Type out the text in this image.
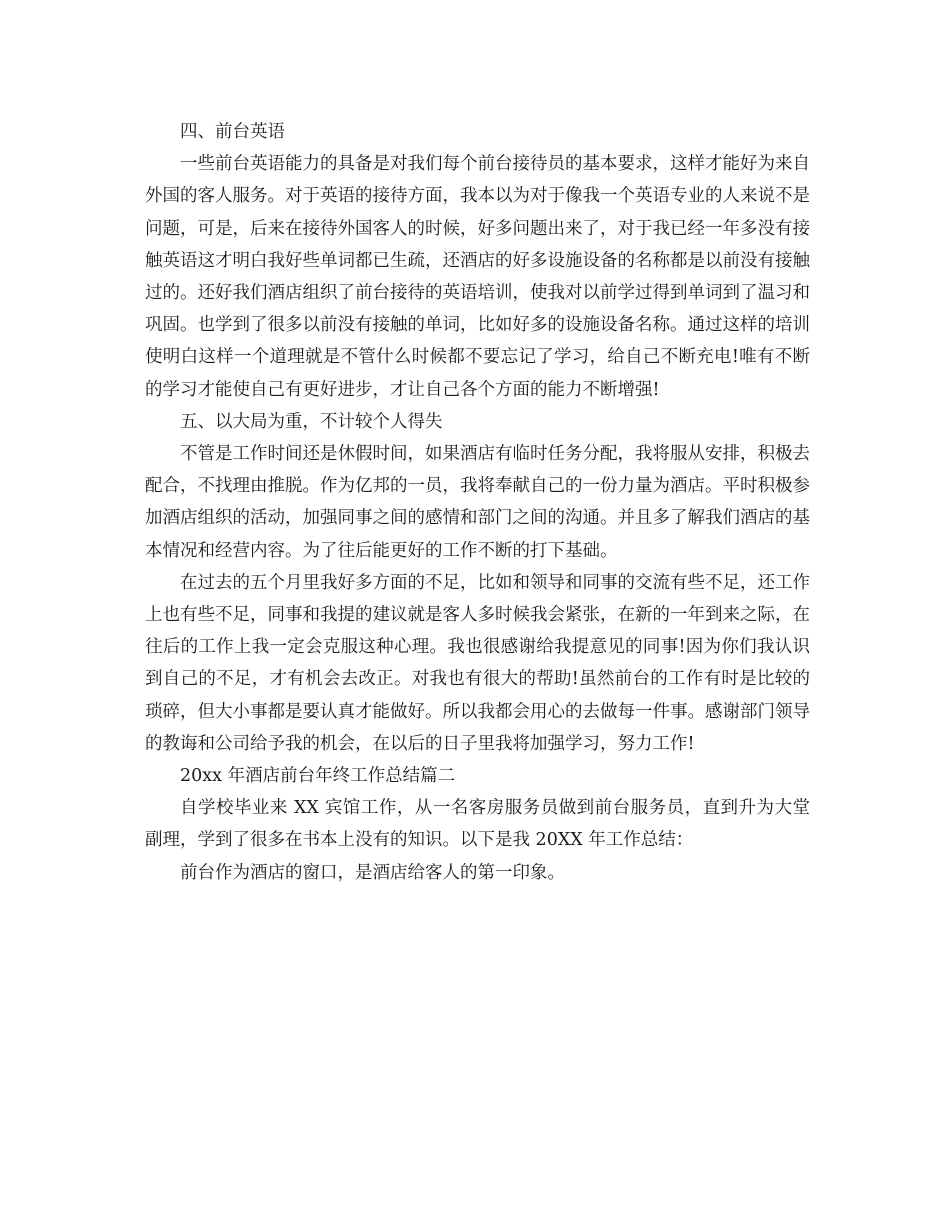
四、前台英语

一些前台英语能力的具备是对我们每个前台接待员的基本要求，这样才能好为来自外国的客人服务。对于英语的接待方面，我本以为对于像我一个英语专业的人来说不是问题，可是，后来在接待外国客人的时候，好多问题出来了，对于我已经一年多没有接触英语这才明白我好些单词都已生疏，还酒店的好多设施设备的名称都是以前没有接触过的。还好我们酒店组织了前台接待的英语培训，使我对以前学过得到单词到了温习和巩固。也学到了很多以前没有接触的单词，比如好多的设施设备名称。通过这样的培训使明白这样一个道理就是不管什么时候都不要忘记了学习，给自己不断充电!唯有不断的学习才能使自己有更好进步，才让自己各个方面的能力不断增强!

五、以大局为重，不计较个人得失

不管是工作时间还是休假时间，如果酒店有临时任务分配，我将服从安排，积极去配合，不找理由推脱。作为亿邦的一员，我将奉献自己的一份力量为酒店。平时积极参加酒店组织的活动，加强同事之间的感情和部门之间的沟通。并且多了解我们酒店的基本情况和经营内容。为了往后能更好的工作不断的打下基础。

在过去的五个月里我好多方面的不足，比如和领导和同事的交流有些不足，还工作上也有些不足，同事和我提的建议就是客人多时候我会紧张，在新的一年到来之际，在往后的工作上我一定会克服这种心理。我也很感谢给我提意见的同事!因为你们我认识到自己的不足，才有机会去改正。对我也有很大的帮助!虽然前台的工作有时是比较的琐碎，但大小事都是要认真才能做好。所以我都会用心的去做每一件事。感谢部门领导的教诲和公司给予我的机会，在以后的日子里我将加强学习，努力工作!

20xx 年酒店前台年终工作总结篇二

自学校毕业来 XX 宾馆工作，从一名客房服务员做到前台服务员，直到升为大堂副理，学到了很多在书本上没有的知识。以下是我 20XX 年工作总结：

前台作为酒店的窗口，是酒店给客人的第一印象。
